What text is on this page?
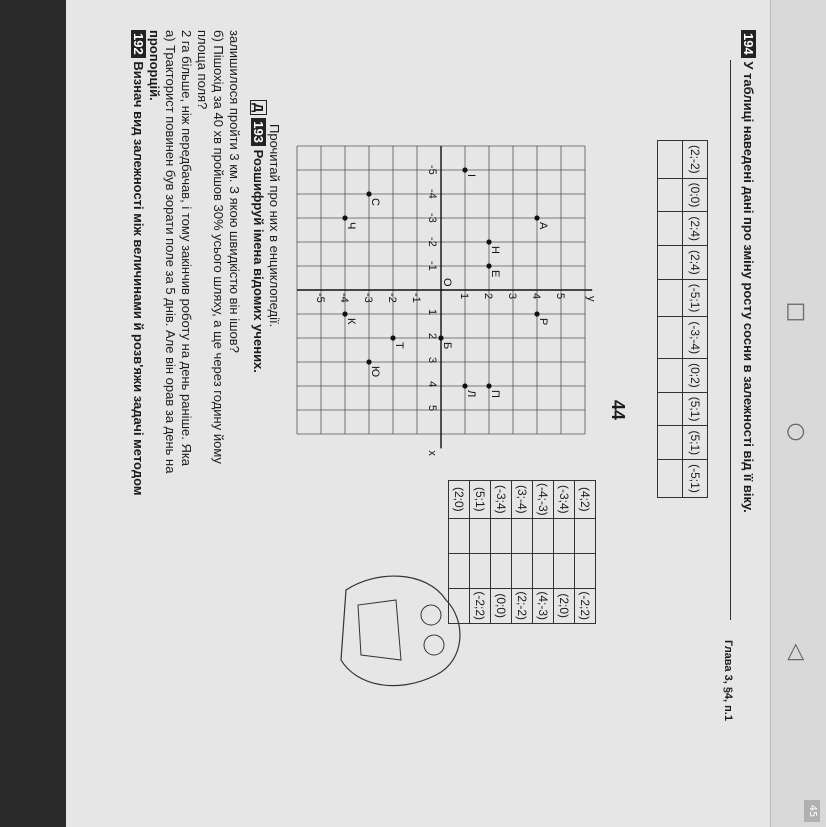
□
○
◁
45
192 Визнач вид залежності між величинами й розв'яжи задачі методом пропорцій. а) Тракторист повинен був зорати поле за 5 днів. Але він орав за день на 2 га більше, ніж передбачав, і тому закінчив роботу на день раніше. Яка площа поля? б) Пішохід за 40 хв пройшов 30% усього шляху, а ще через годину йому залишилося пройти 3 км. З якою швидкістю він ішов? Д193 Розшифруй імена відомих учених. Прочитай про них в енциклопедії.
x
y
O
-5
-4
-3
-2
-1
1
2
3
4
5
-5 -4 -3 -2 -1	1 2 3 4 5
А
Р
Н
Е
П
І
Л
Б
С
Т
Ю
Ч
К
(4;2)			(-2;2)
(-3;4)			(2;0)
(-4;-3)			(4;-3)
(3;-4)			(2;-2)
(-3;4)			(0;0)
(5;1)			(-2;2)
(2;0)			
44
(2;-2)	(0;0)	(2;4)	(2;4)	(-5;1)	(-3;-4)	(0;2)	(5;1)	(5;1)	(-5;1)

Глава 3, §4, п.1
194 У таблиці наведені дані про зміну росту сосни в залежності від її віку.
